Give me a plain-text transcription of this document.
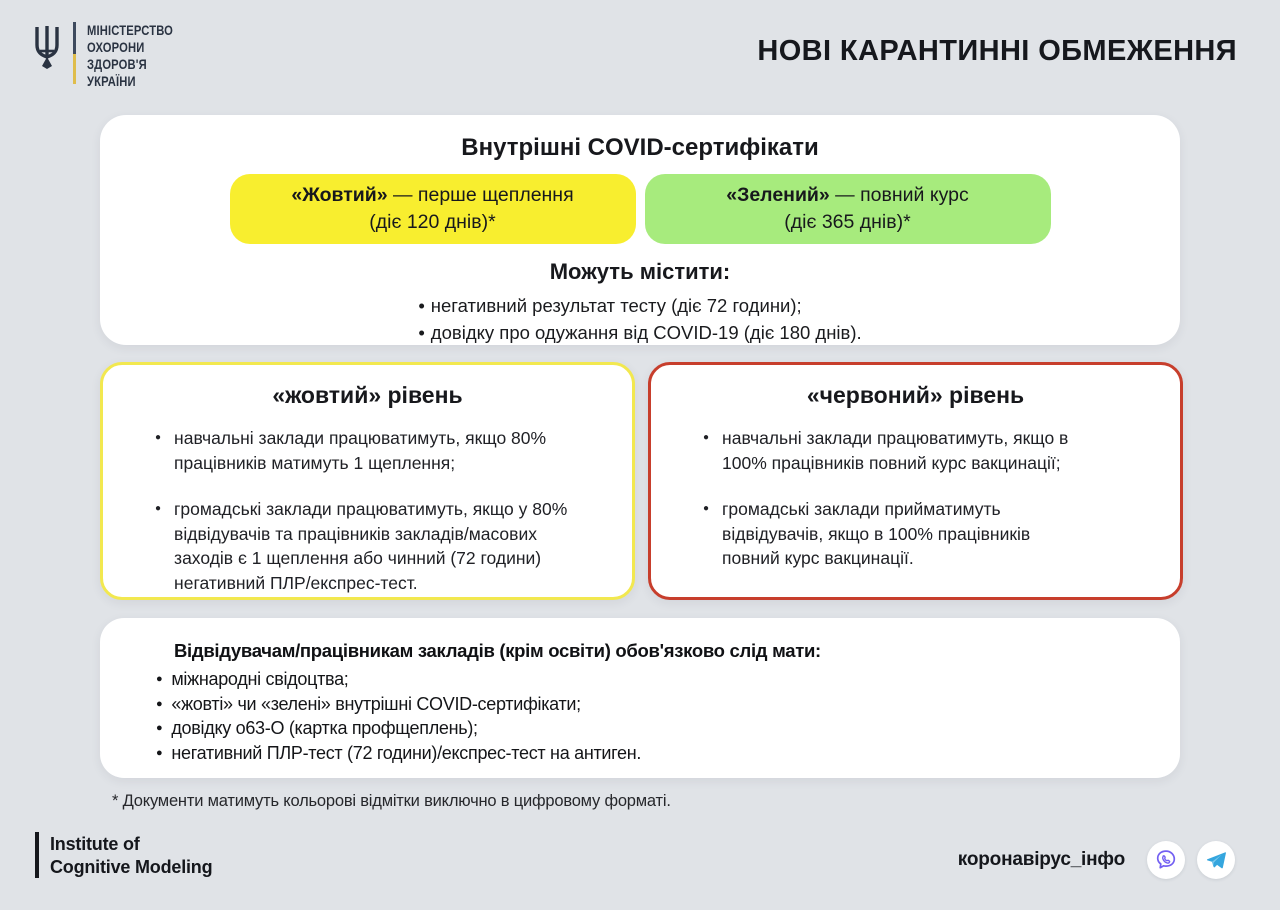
МІНІСТЕРСТВО
ОХОРОНИ
ЗДОРОВ'Я
УКРАЇНИ
НОВІ КАРАНТИННІ ОБМЕЖЕННЯ
Внутрішні COVID-сертифікати
«Жовтий» — перше щеплення
(діє 120 днів)*
«Зелений» — повний курс
(діє 365 днів)*
Можуть містити:
• негативний результат тесту (діє 72 години);
• довідку про одужання від COVID-19 (діє 180 днів).
«жовтий» рівень
● навчальні заклади працюватимуть, якщо 80% працівників матимуть 1 щеплення;
● громадські заклади працюватимуть, якщо у 80% відвідувачів та працівників закладів/масових заходів є 1 щеплення або чинний (72 години) негативний ПЛР/експрес-тест.
«червоний» рівень
● навчальні заклади працюватимуть, якщо в 100% працівників повний курс вакцинації;
● громадські заклади прийматимуть відвідувачів, якщо в 100% працівників повний курс вакцинації.
Відвідувачам/працівникам закладів (крім освіти) обов'язково слід мати:
● міжнародні свідоцтва;
● «жовті» чи «зелені» внутрішні COVID-сертифікати;
● довідку о63-О (картка профщеплень);
● негативний ПЛР-тест (72 години)/експрес-тест на антиген.
* Документи матимуть кольорові відмітки виключно в цифровому форматі.
Institute of
Cognitive Modeling	коронавірус_інфо
